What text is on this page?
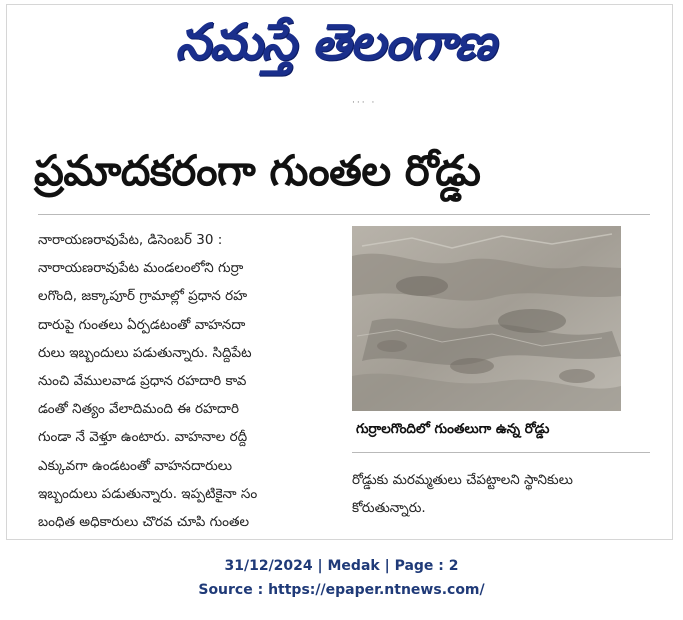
నమస్తే తెలంగాణ
·‧‧ ·
ప్రమాదకరంగా గుంతల రోడ్డు
నారాయణరావుపేట, డిసెంబర్ 30 :
నారాయణరావుపేట మండలంలోని గుర్రా
లగొంది, జక్కాపూర్ గ్రామాల్లో ప్రధాన రహ
దారుపై గుంతలు ఏర్పడటంతో వాహనదా
రులు ఇబ్బందులు పడుతున్నారు. సిద్దిపేట
నుంచి వేములవాడ ప్రధాన రహదారి కావ
డంతో నిత్యం వేలాదిమంది ఈ రహదారి
గుండా నే వెళ్తూ ఉంటారు. వాహనాల రద్దీ
ఎక్కువగా ఉండటంతో వాహనదారులు
ఇబ్బందులు పడుతున్నారు. ఇప్పటికైనా సం
బంధిత అధికారులు చొరవ చూపి గుంతల
గుర్రాలగొందిలో గుంతలుగా ఉన్న రోడ్డు
రోడ్డుకు మరమ్మతులు చేపట్టాలని స్థానికులు
కోరుతున్నారు.
31/12/2024 | Medak | Page : 2
Source : https://epaper.ntnews.com/
